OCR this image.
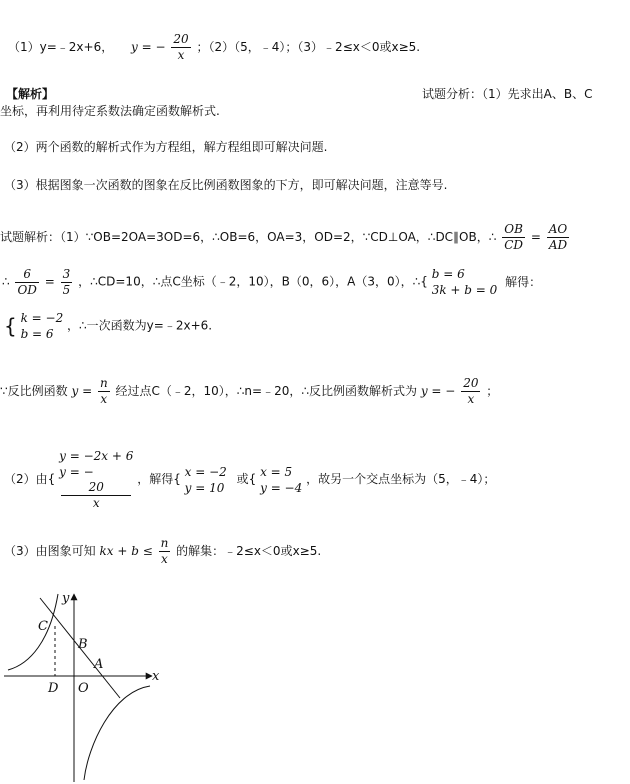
（1）y=﹣2x+6， y = − $\frac{20}{x}$ ；（2）（5，﹣4）；（3）﹣2≤x＜0或x≥5.
【解析】	试题分析：（1）先求出A、B、C
坐标，再利用待定系数法确定函数解析式.
（2）两个函数的解析式作为方程组，解方程组即可解决问题.
（3）根据图象一次函数的图象在反比例函数图象的下方，即可解决问题，注意等号.
试题解析：（1）∵OB=2OA=3OD=6，∴OB=6，OA=3，OD=2，∵CD⊥OA，∴DC∥OB，∴ $\frac{OB}{CD} = \frac{AO}{AD}$
∴ $\frac{6}{OD} = \frac{3}{5}$ ，∴CD=10，∴点C坐标（﹣2，10），B（0，6），A（3，0），∴{
b = 6
3k + b = 0
解得：
{ k = −2
b = 6
，∴一次函数为y=﹣2x+6.
∵反比例函数 $y = \frac{n}{x}$ 经过点C（﹣2，10），∴n=﹣20，∴反比例函数解析式为 y = − $\frac{20}{x}$ ；
（2）由{
y = −2x + 6
y = −
20
x
，解得{
x = −2
y = 10
或{
x = 5
y = −4
，故另一个交点坐标为（5，﹣4）；
（3）由图象可知 kx + $b \le \frac{n}{x}$ 的解集：﹣2≤x＜0或x≥5.
y
x
C
B
A
D O
